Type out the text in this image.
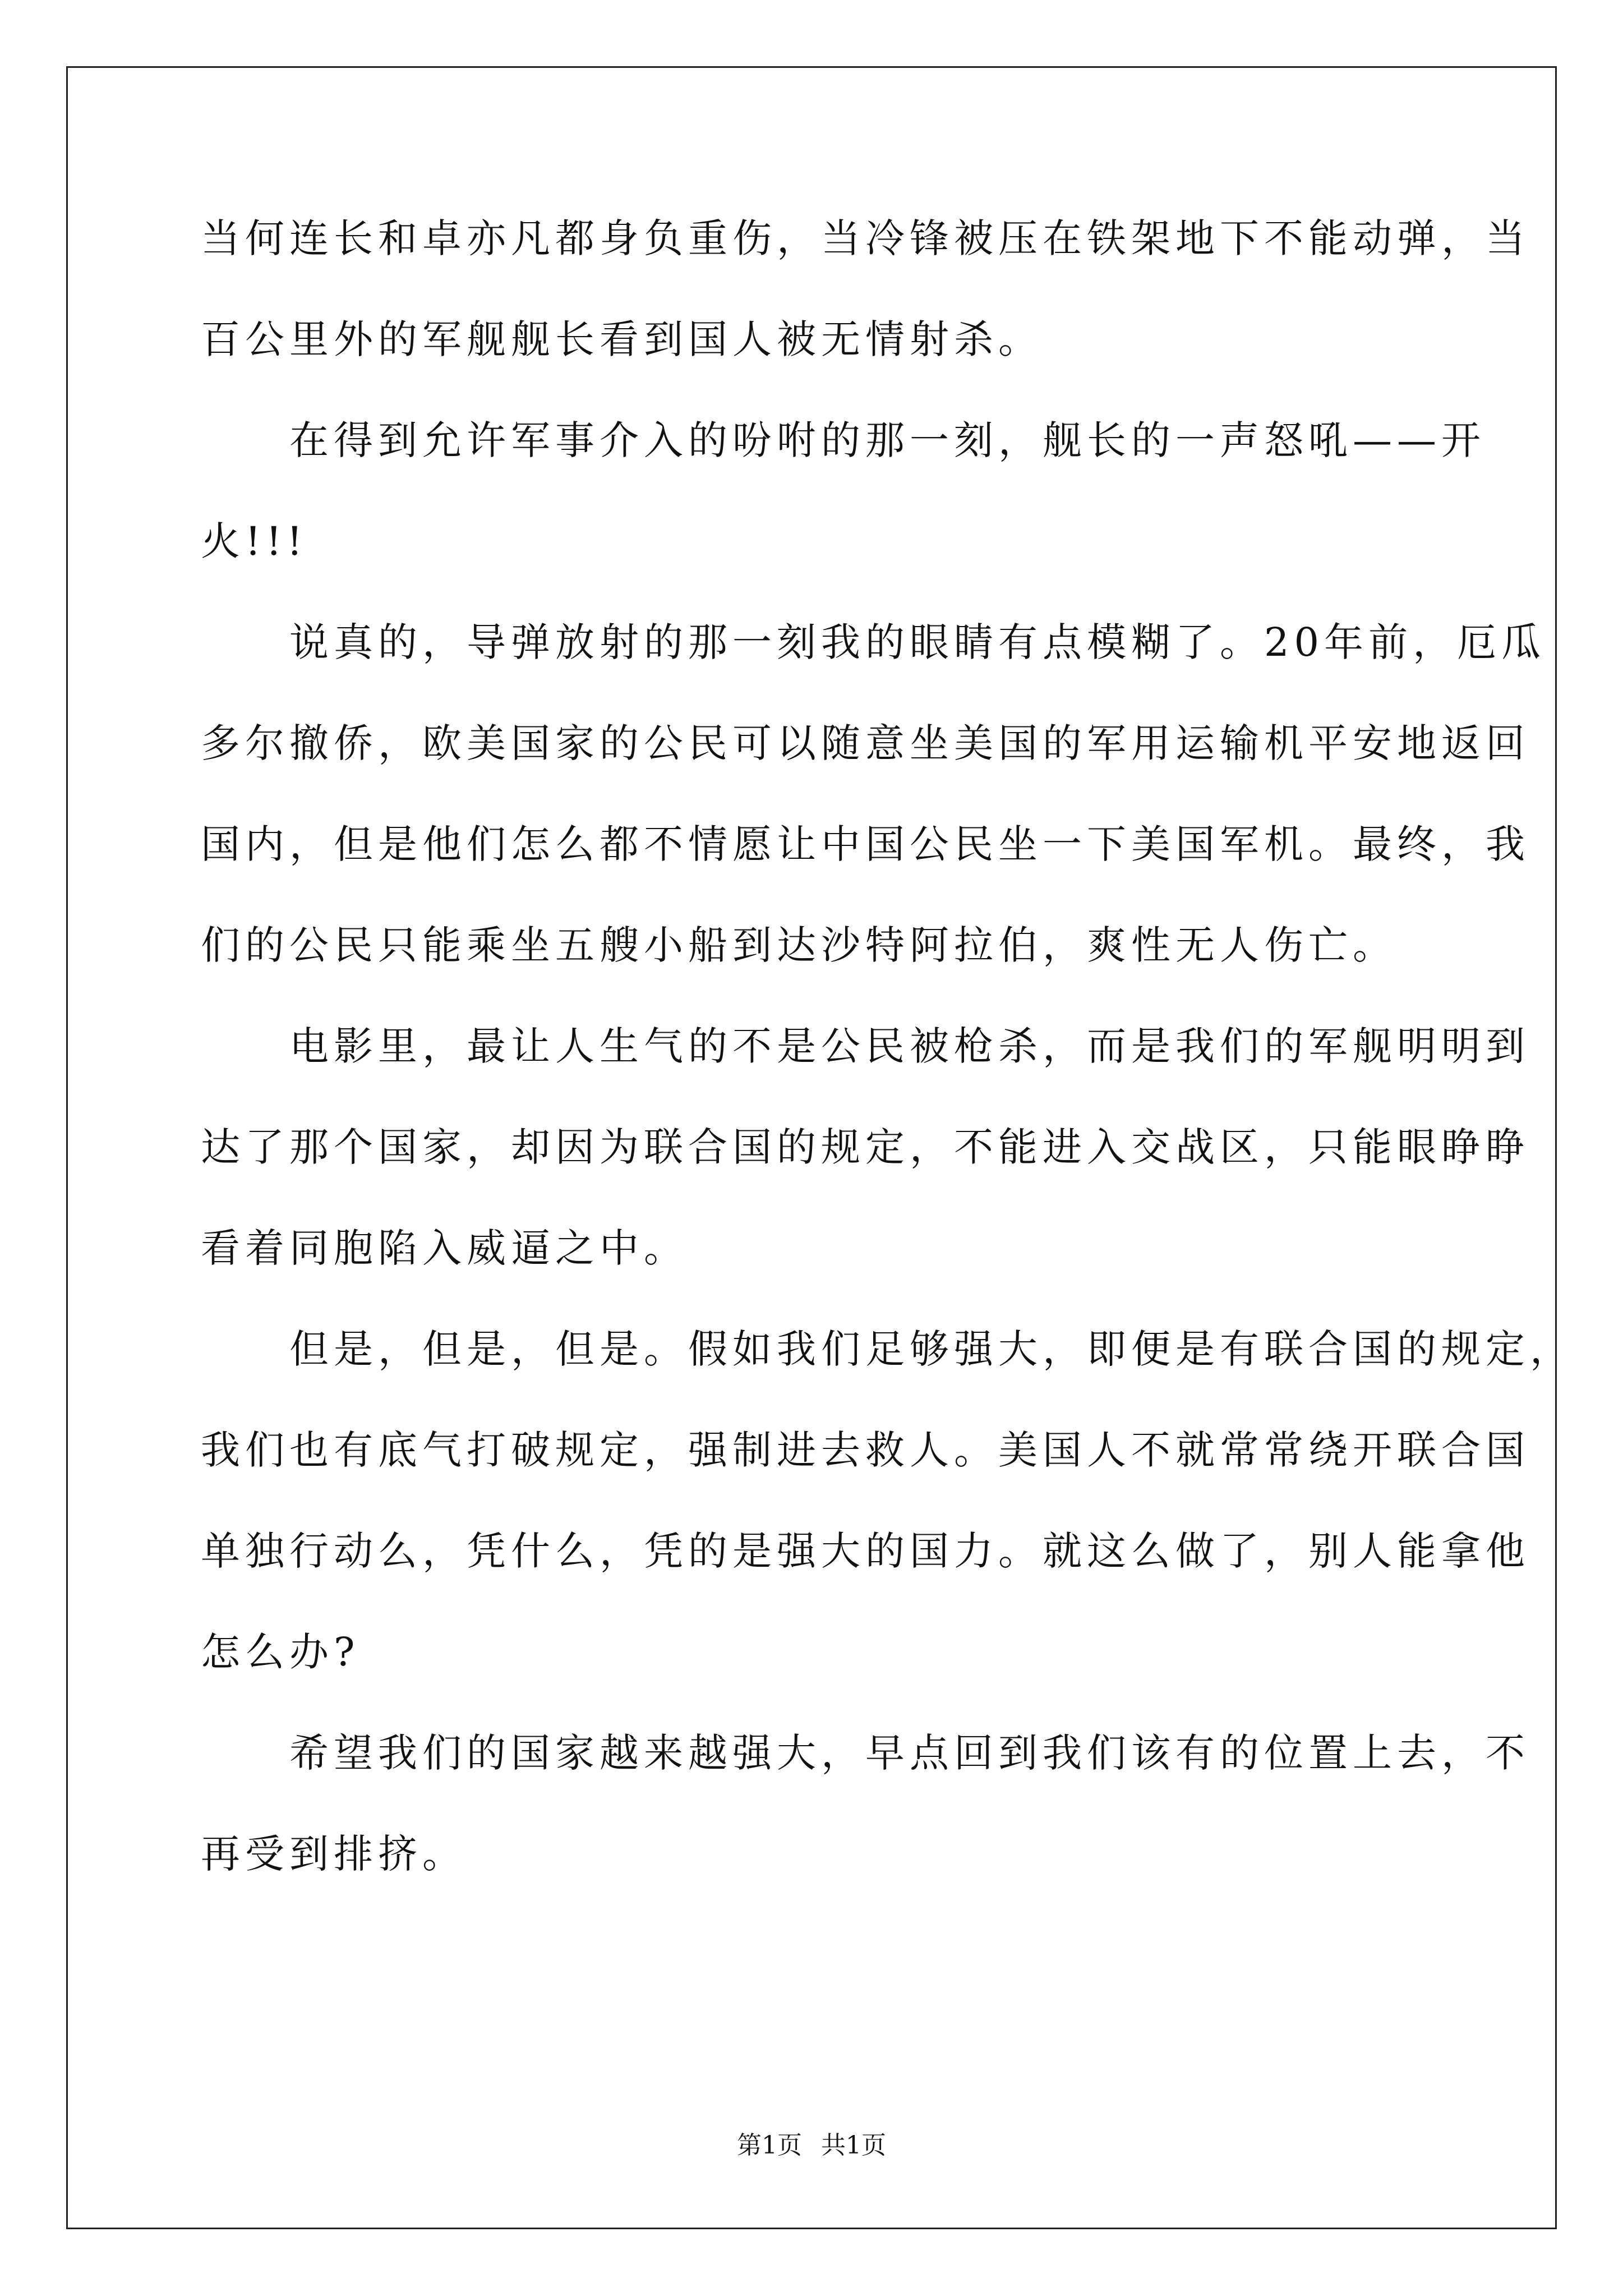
当何连长和卓亦凡都身负重伤，当冷锋被压在铁架地下不能动弹，当
百公里外的军舰舰长看到国人被无情射杀。
　　在得到允许军事介入的吩咐的那一刻，舰长的一声怒吼——开
火!!!
　　说真的，导弹放射的那一刻我的眼睛有点模糊了。20年前，厄瓜
多尔撤侨，欧美国家的公民可以随意坐美国的军用运输机平安地返回
国内，但是他们怎么都不情愿让中国公民坐一下美国军机。最终，我
们的公民只能乘坐五艘小船到达沙特阿拉伯，爽性无人伤亡。
　　电影里，最让人生气的不是公民被枪杀，而是我们的军舰明明到
达了那个国家，却因为联合国的规定，不能进入交战区，只能眼睁睁
看着同胞陷入威逼之中。
　　但是，但是，但是。假如我们足够强大，即便是有联合国的规定，
我们也有底气打破规定，强制进去救人。美国人不就常常绕开联合国
单独行动么，凭什么，凭的是强大的国力。就这么做了，别人能拿他
怎么办?
　　希望我们的国家越来越强大，早点回到我们该有的位置上去，不
再受到排挤。
第1页 共1页
